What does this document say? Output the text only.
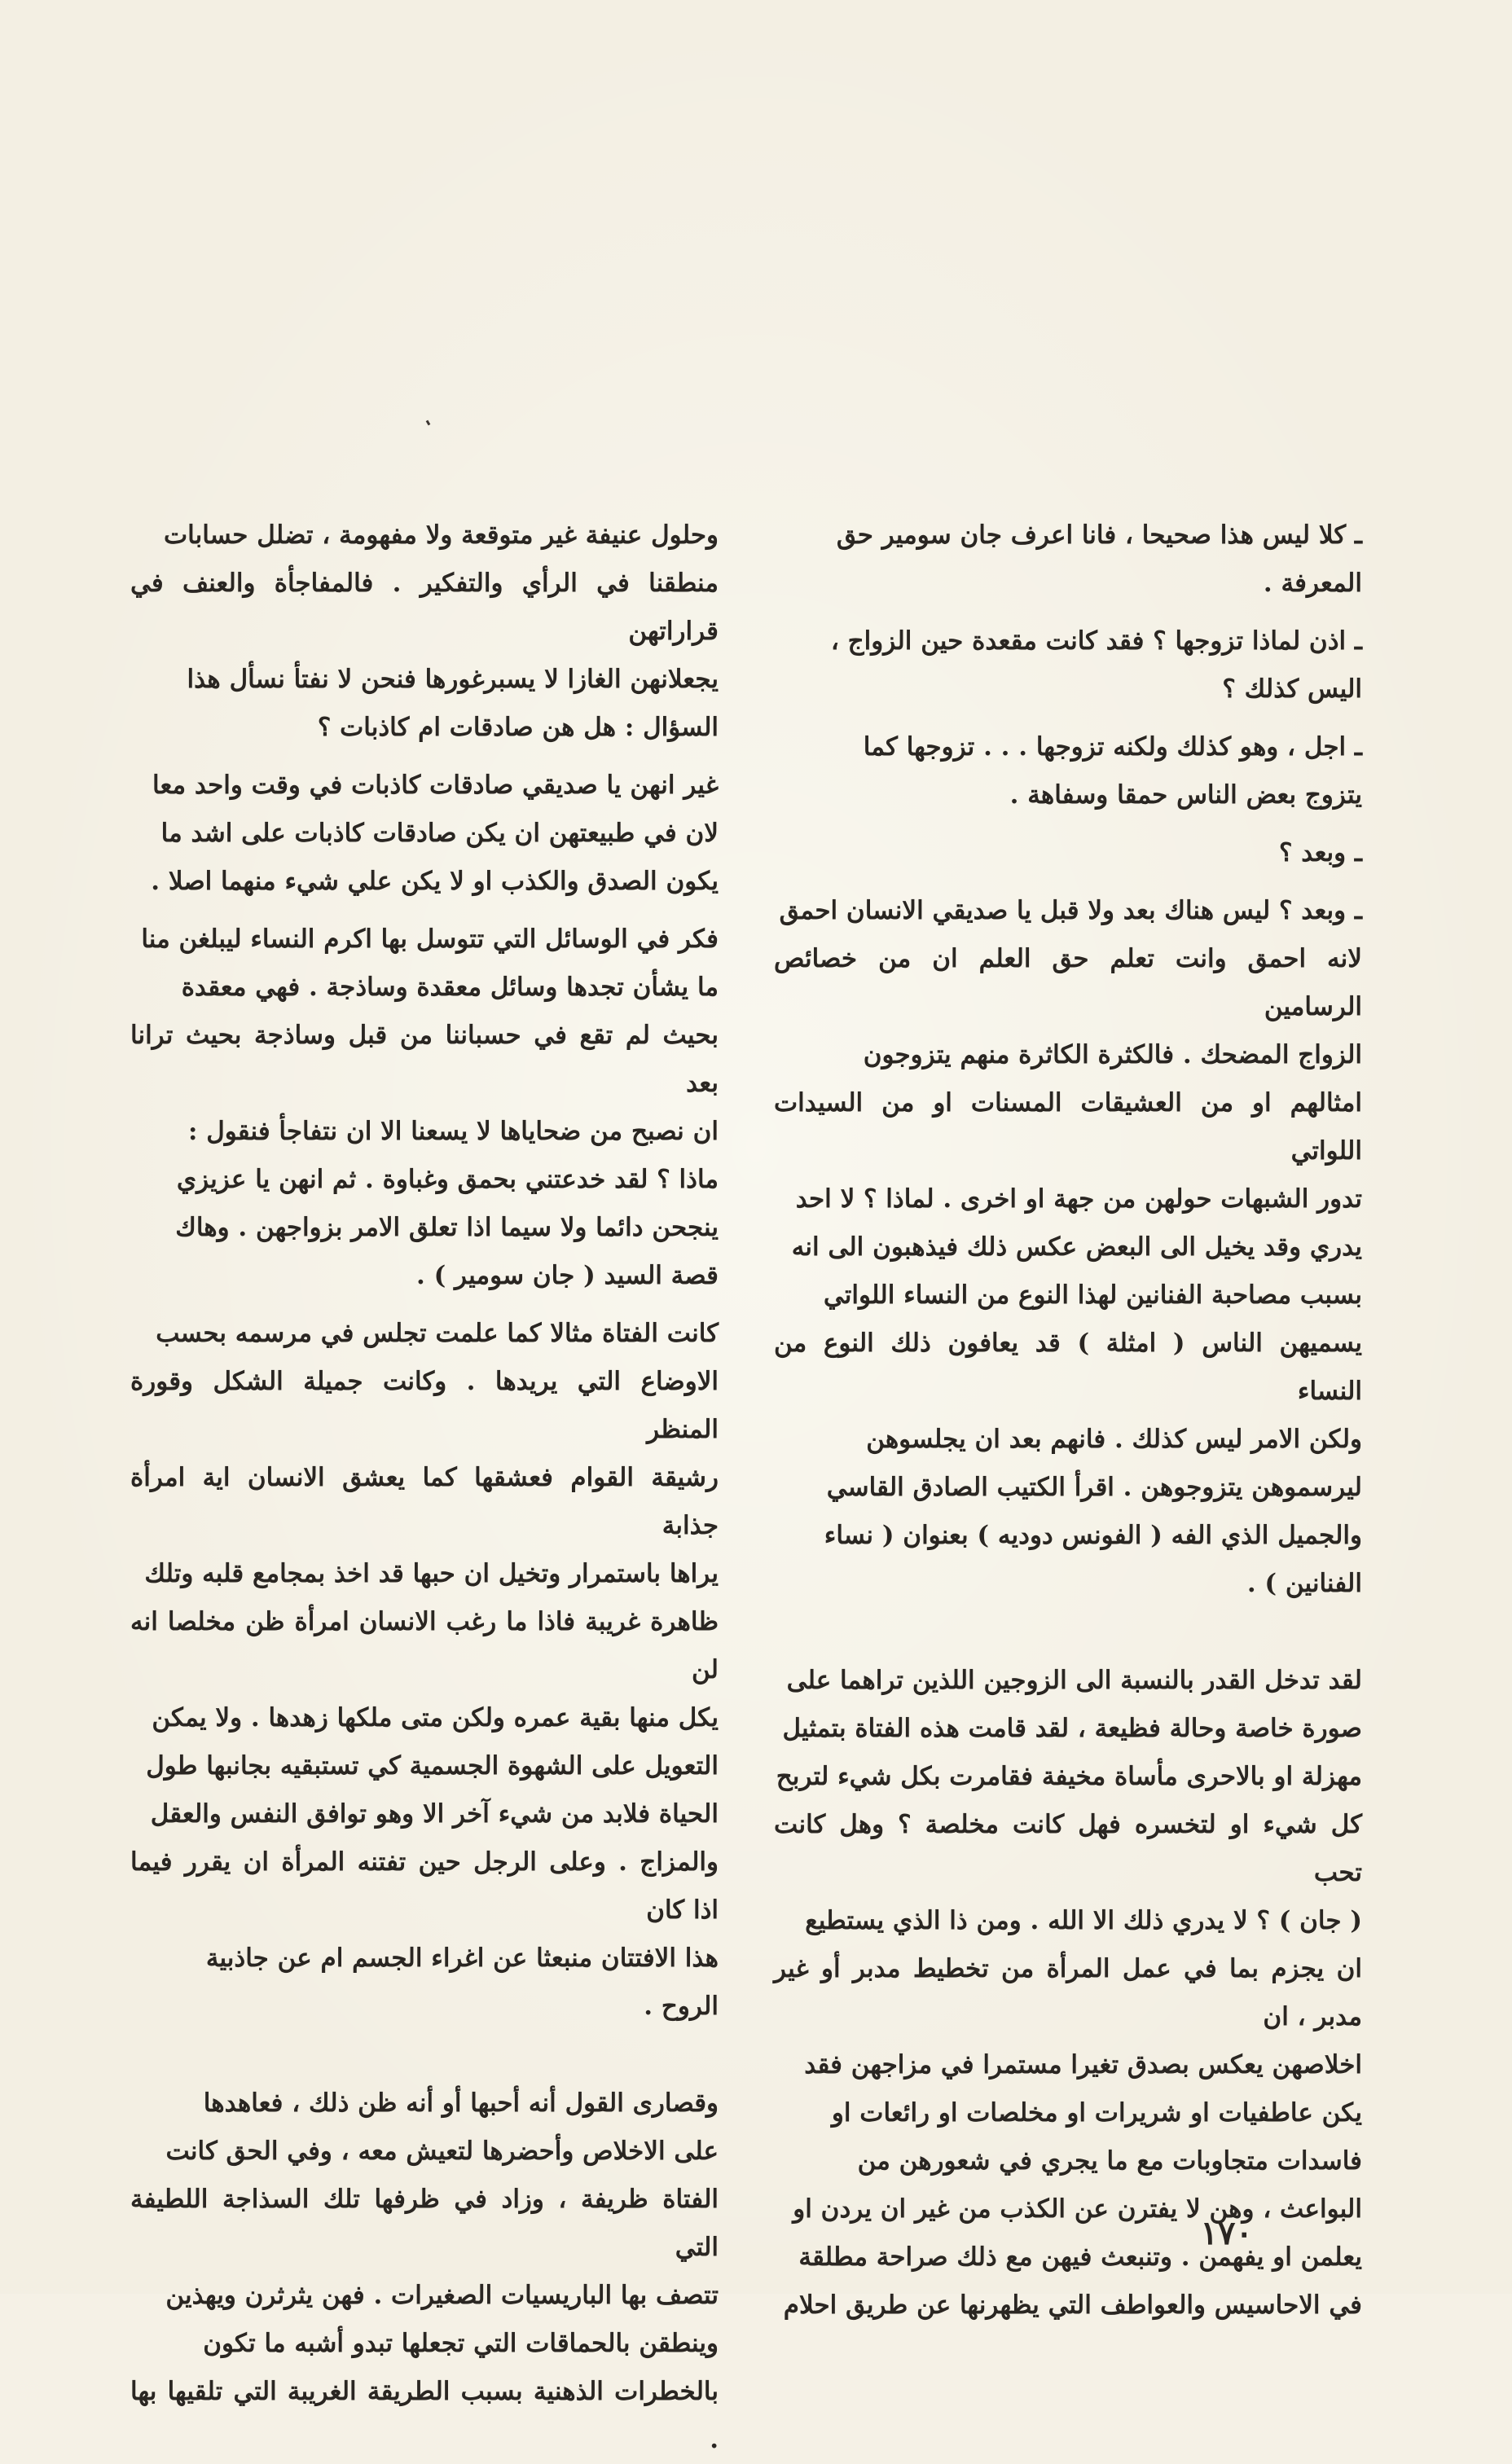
ـ كلا ليس هذا صحيحا ، فانا اعرف جان سومير حق
المعرفة .

ـ اذن لماذا تزوجها ؟ فقد كانت مقعدة حين الزواج ،
اليس كذلك ؟

ـ اجل ، وهو كذلك ولكنه تزوجها . . . تزوجها كما
يتزوج بعض الناس حمقا وسفاهة .

ـ وبعد ؟

ـ وبعد ؟ ليس هناك بعد ولا قبل يا صديقي الانسان احمق
لانه احمق وانت تعلم حق العلم ان من خصائص الرسامين
الزواج المضحك . فالكثرة الكاثرة منهم يتزوجون
امثالهم او من العشيقات المسنات او من السيدات اللواتي
تدور الشبهات حولهن من جهة او اخرى . لماذا ؟ لا احد
يدري وقد يخيل الى البعض عكس ذلك فيذهبون الى انه
بسبب مصاحبة الفنانين لهذا النوع من النساء اللواتي
يسميهن الناس ( امثلة ) قد يعافون ذلك النوع من النساء
ولكن الامر ليس كذلك . فانهم بعد ان يجلسوهن
ليرسموهن يتزوجوهن . اقرأ الكتيب الصادق القاسي
والجميل الذي الفه ( الفونس دوديه ) بعنوان ( نساء
الفنانين ) .

لقد تدخل القدر بالنسبة الى الزوجين اللذين تراهما على
صورة خاصة وحالة فظيعة ، لقد قامت هذه الفتاة بتمثيل
مهزلة او بالاحرى مأساة مخيفة فقامرت بكل شيء لتربح
كل شيء او لتخسره فهل كانت مخلصة ؟ وهل كانت تحب
( جان ) ؟ لا يدري ذلك الا الله . ومن ذا الذي يستطيع
ان يجزم بما في عمل المرأة من تخطيط مدبر أو غير مدبر ، ان
اخلاصهن يعكس بصدق تغيرا مستمرا في مزاجهن فقد
يكن عاطفيات او شريرات او مخلصات او رائعات او
فاسدات متجاوبات مع ما يجري في شعورهن من
البواعث ، وهن لا يفترن عن الكذب من غير ان يردن او
يعلمن او يفهمن . وتنبعث فيهن مع ذلك صراحة مطلقة
في الاحاسيس والعواطف التي يظهرنها عن طريق احلام

وحلول عنيفة غير متوقعة ولا مفهومة ، تضلل حسابات
منطقنا في الرأي والتفكير . فالمفاجأة والعنف في قراراتهن
يجعلانهن الغازا لا يسبرغورها فنحن لا نفتأ نسأل هذا
السؤال : هل هن صادقات ام كاذبات ؟

غير انهن يا صديقي صادقات كاذبات في وقت واحد معا
لان في طبيعتهن ان يكن صادقات كاذبات على اشد ما
يكون الصدق والكذب او لا يكن علي شيء منهما اصلا .

فكر في الوسائل التي تتوسل بها اكرم النساء ليبلغن منا
ما يشأن تجدها وسائل معقدة وساذجة . فهي معقدة
بحيث لم تقع في حسباننا من قبل وساذجة بحيث ترانا بعد
ان نصبح من ضحاياها لا يسعنا الا ان نتفاجأ فنقول :
ماذا ؟ لقد خدعتني بحمق وغباوة . ثم انهن يا عزيزي
ينجحن دائما ولا سيما اذا تعلق الامر بزواجهن . وهاك
قصة السيد ( جان سومير ) .

كانت الفتاة مثالا كما علمت تجلس في مرسمه بحسب
الاوضاع التي يريدها . وكانت جميلة الشكل وقورة المنظر
رشيقة القوام فعشقها كما يعشق الانسان اية امرأة جذابة
يراها باستمرار وتخيل ان حبها قد اخذ بمجامع قلبه وتلك
ظاهرة غريبة فاذا ما رغب الانسان امرأة ظن مخلصا انه لن
يكل منها بقية عمره ولكن متى ملكها زهدها . ولا يمكن
التعويل على الشهوة الجسمية كي تستبقيه بجانبها طول
الحياة فلابد من شيء آخر الا وهو توافق النفس والعقل
والمزاج . وعلى الرجل حين تفتنه المرأة ان يقرر فيما اذا كان
هذا الافتتان منبعثا عن اغراء الجسم ام عن جاذبية
الروح .

وقصارى القول أنه أحبها أو أنه ظن ذلك ، فعاهدها
على الاخلاص وأحضرها لتعيش معه ، وفي الحق كانت
الفتاة ظريفة ، وزاد في ظرفها تلك السذاجة اللطيفة التي
تتصف بها الباريسيات الصغيرات . فهن يثرثرن ويهذين
وينطقن بالحماقات التي تجعلها تبدو أشبه ما تكون
بالخطرات الذهنية بسبب الطريقة الغريبة التي تلقيها بها .

١٧٠
